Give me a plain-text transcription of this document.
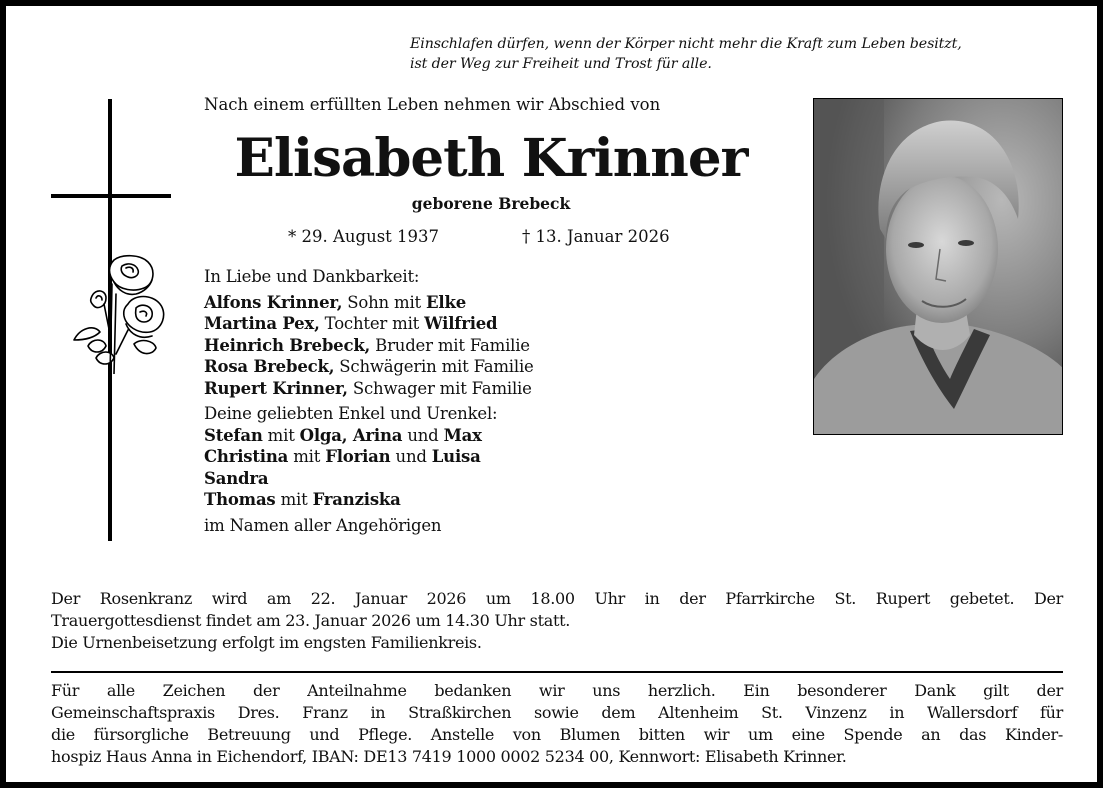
Einschlafen dürfen, wenn der Körper nicht mehr die Kraft zum Leben besitzt,
ist der Weg zur Freiheit und Trost für alle.
Nach einem erfüllten Leben nehmen wir Abschied von
Elisabeth Krinner
geborene Brebeck
* 29. August 1937	† 13. Januar 2026
In Liebe und Dankbarkeit:
Alfons Krinner, Sohn mit Elke
Martina Pex, Tochter mit Wilfried
Heinrich Brebeck, Bruder mit Familie
Rosa Brebeck, Schwägerin mit Familie
Rupert Krinner, Schwager mit Familie
Deine geliebten Enkel und Urenkel:
Stefan mit Olga, Arina und Max
Christina mit Florian und Luisa
Sandra
Thomas mit Franziska
im Namen aller Angehörigen
Der Rosenkranz wird am 22. Januar 2026 um 18.00 Uhr in der Pfarrkirche St. Rupert gebetet. Der
Trauergottesdienst findet am 23. Januar 2026 um 14.30 Uhr statt.
Die Urnenbeisetzung erfolgt im engsten Familienkreis.
Für alle Zeichen der Anteilnahme bedanken wir uns herzlich. Ein besonderer Dank gilt der
Gemeinschaftspraxis Dres. Franz in Straßkirchen sowie dem Altenheim St. Vinzenz in Wallersdorf für
die fürsorgliche Betreuung und Pflege. Anstelle von Blumen bitten wir um eine Spende an das Kinder-
hospiz Haus Anna in Eichendorf, IBAN: DE13 7419 1000 0002 5234 00, Kennwort: Elisabeth Krinner.
